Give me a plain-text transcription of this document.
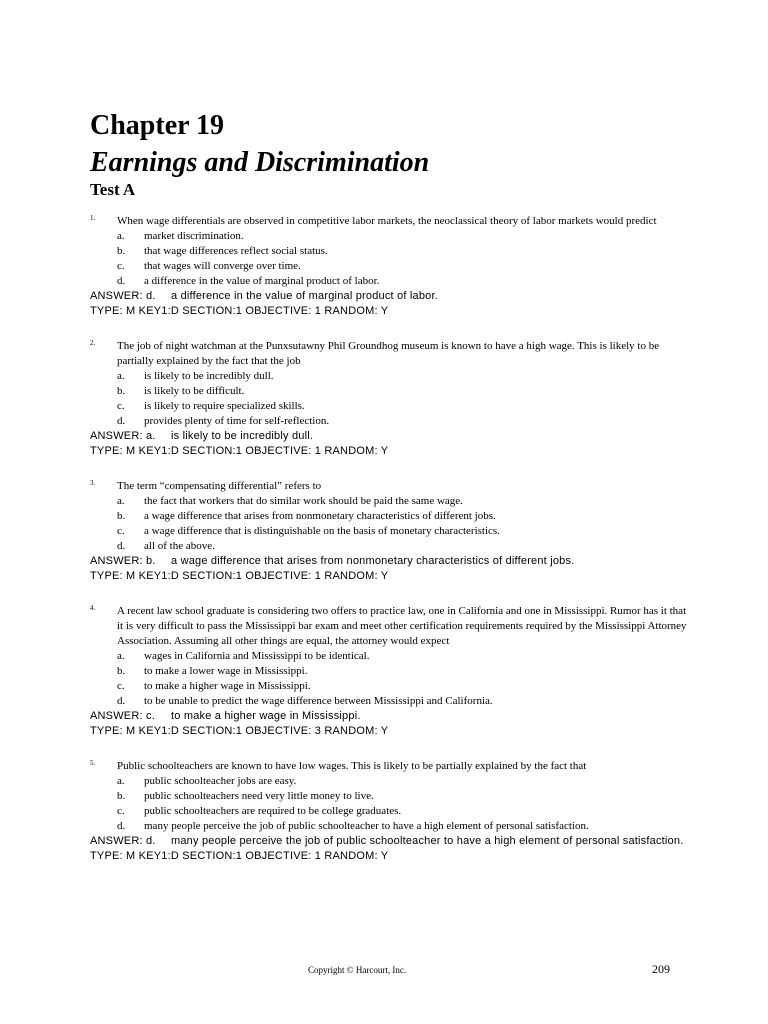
Chapter 19
Earnings and Discrimination
Test A
1. When wage differentials are observed in competitive labor markets, the neoclassical theory of labor markets would predict
a. market discrimination.
b. that wage differences reflect social status.
c. that wages will converge over time.
d. a difference in the value of marginal product of labor.
ANSWER: d. a difference in the value of marginal product of labor.
TYPE: M KEY1:D SECTION:1 OBJECTIVE: 1 RANDOM: Y
2. The job of night watchman at the Punxsutawny Phil Groundhog museum is known to have a high wage. This is likely to be partially explained by the fact that the job
a. is likely to be incredibly dull.
b. is likely to be difficult.
c. is likely to require specialized skills.
d. provides plenty of time for self-reflection.
ANSWER: a. is likely to be incredibly dull.
TYPE: M KEY1:D SECTION:1 OBJECTIVE: 1 RANDOM: Y
3. The term “compensating differential” refers to
a. the fact that workers that do similar work should be paid the same wage.
b. a wage difference that arises from nonmonetary characteristics of different jobs.
c. a wage difference that is distinguishable on the basis of monetary characteristics.
d. all of the above.
ANSWER: b. a wage difference that arises from nonmonetary characteristics of different jobs.
TYPE: M KEY1:D SECTION:1 OBJECTIVE: 1 RANDOM: Y
4. A recent law school graduate is considering two offers to practice law, one in California and one in Mississippi. Rumor has it that it is very difficult to pass the Mississippi bar exam and meet other certification requirements required by the Mississippi Attorney Association. Assuming all other things are equal, the attorney would expect
a. wages in California and Mississippi to be identical.
b. to make a lower wage in Mississippi.
c. to make a higher wage in Mississippi.
d. to be unable to predict the wage difference between Mississippi and California.
ANSWER: c. to make a higher wage in Mississippi.
TYPE: M KEY1:D SECTION:1 OBJECTIVE: 3 RANDOM: Y
5. Public schoolteachers are known to have low wages. This is likely to be partially explained by the fact that
a. public schoolteacher jobs are easy.
b. public schoolteachers need very little money to live.
c. public schoolteachers are required to be college graduates.
d. many people perceive the job of public schoolteacher to have a high element of personal satisfaction.
ANSWER: d. many people perceive the job of public schoolteacher to have a high element of personal satisfaction.
TYPE: M KEY1:D SECTION:1 OBJECTIVE: 1 RANDOM: Y
Copyright © Harcourt, Inc.	209
